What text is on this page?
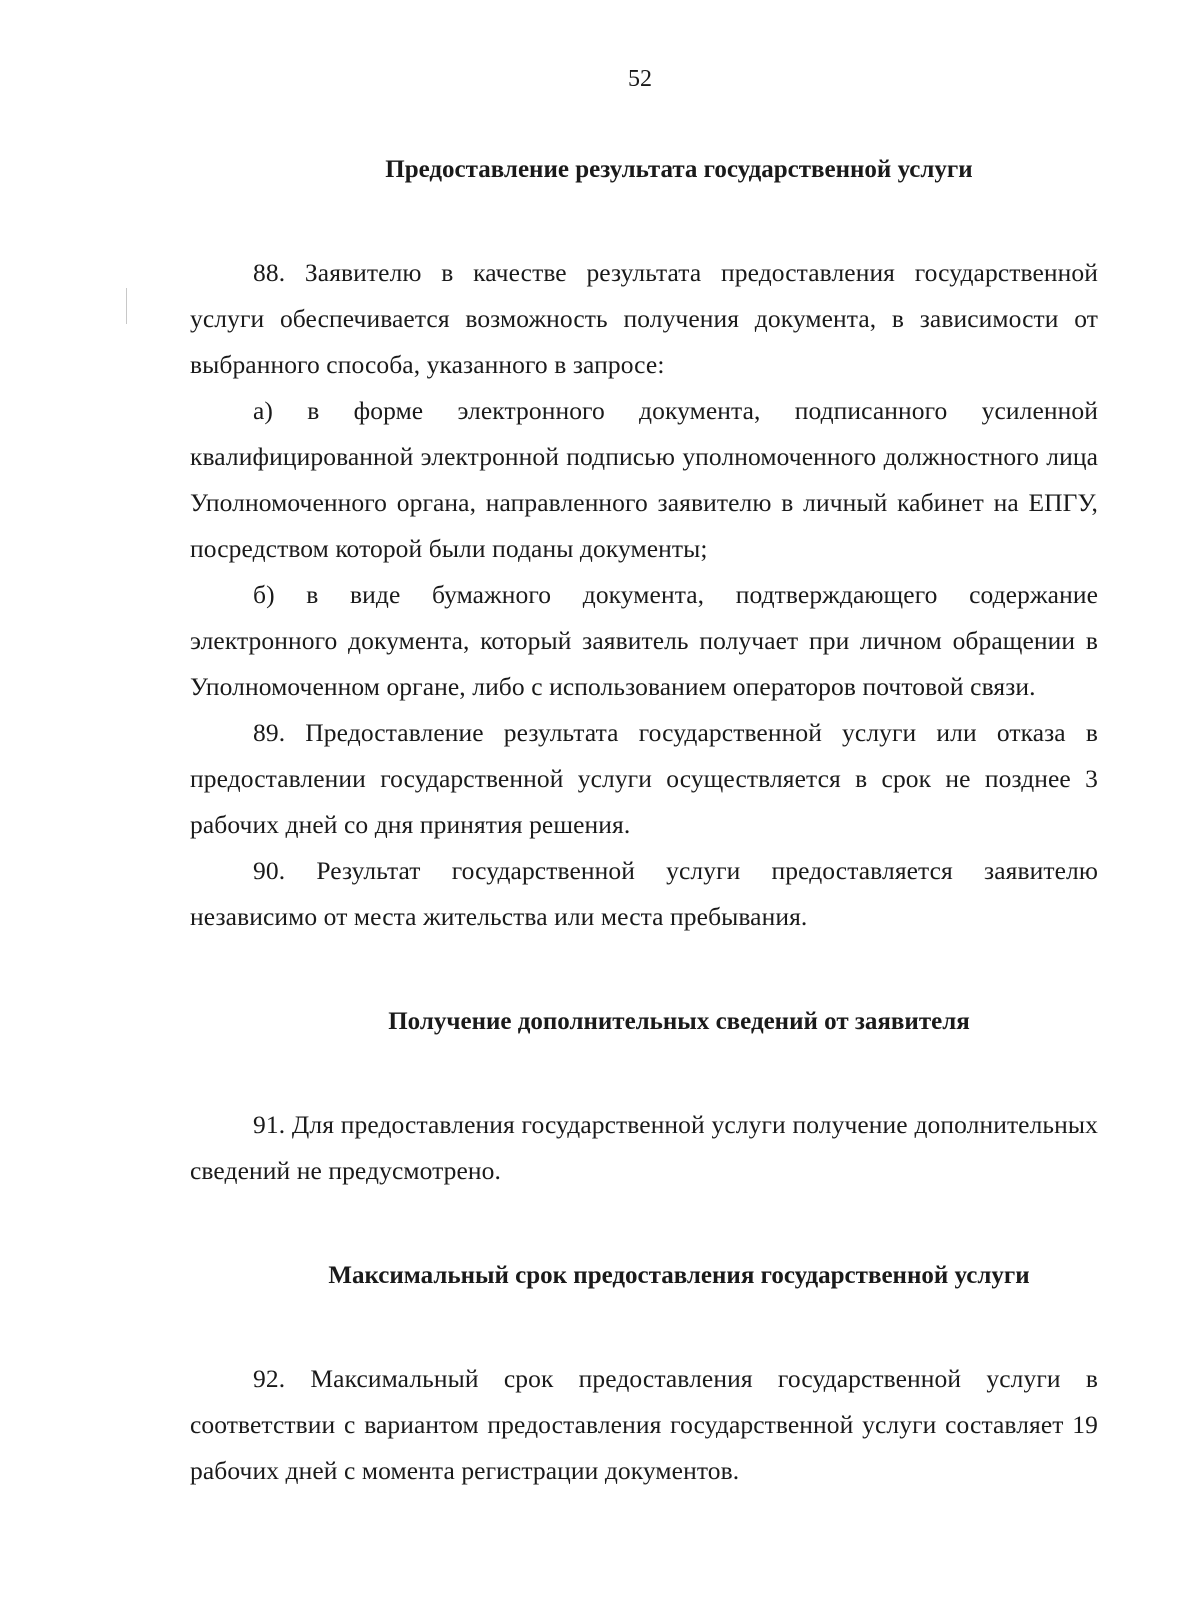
52
Предоставление результата государственной услуги

88. Заявителю в качестве результата предоставления государственной услуги обеспечивается возможность получения документа, в зависимости от выбранного способа, указанного в запросе:

а) в форме электронного документа, подписанного усиленной квалифицированной электронной подписью уполномоченного должностного лица Уполномоченного органа, направленного заявителю в личный кабинет на ЕПГУ, посредством которой были поданы документы;

б) в виде бумажного документа, подтверждающего содержание электронного документа, который заявитель получает при личном обращении в Уполномоченном органе, либо с использованием операторов почтовой связи.

89. Предоставление результата государственной услуги или отказа в предоставлении государственной услуги осуществляется в срок не позднее 3 рабочих дней со дня принятия решения.

90. Результат государственной услуги предоставляется заявителю независимо от места жительства или места пребывания.

Получение дополнительных сведений от заявителя

91. Для предоставления государственной услуги получение дополнительных сведений не предусмотрено.

Максимальный срок предоставления государственной услуги

92. Максимальный срок предоставления государственной услуги в соответствии с вариантом предоставления государственной услуги составляет 19 рабочих дней с момента регистрации документов.
